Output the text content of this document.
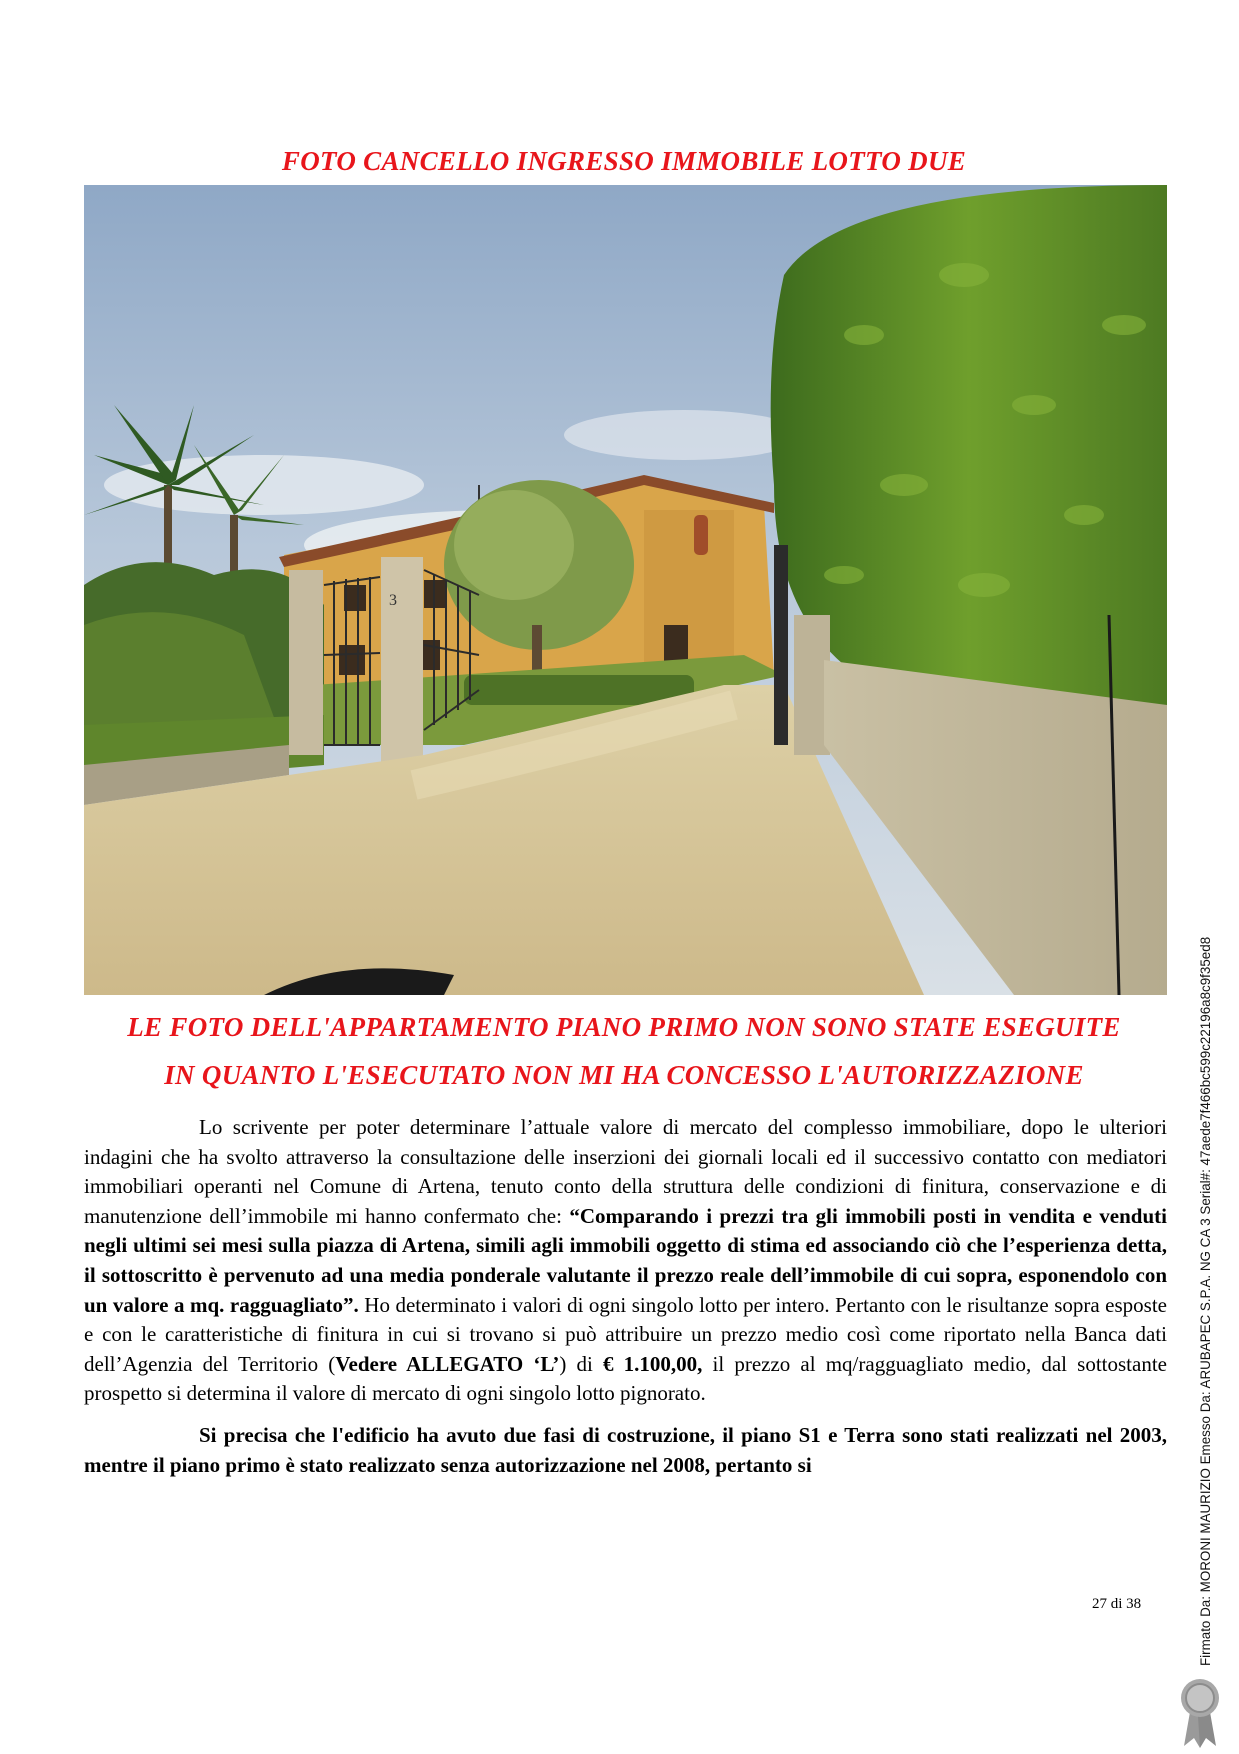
FOTO CANCELLO INGRESSO IMMOBILE LOTTO DUE
3
LE FOTO DELL'APPARTAMENTO PIANO PRIMO NON SONO STATE ESEGUITE
IN QUANTO L'ESECUTATO NON MI HA CONCESSO L'AUTORIZZAZIONE

Lo scrivente per poter determinare l’attuale valore di mercato del complesso immobiliare, dopo le ulteriori indagini che ha svolto attraverso la consultazione delle inserzioni dei giornali locali ed il successivo contatto con mediatori immobiliari operanti nel Comune di Artena, tenuto conto della struttura delle condizioni di finitura, conservazione e di manutenzione dell’immobile mi hanno confermato che: “Comparando i prezzi tra gli immobili posti in vendita e venduti negli ultimi sei mesi sulla piazza di Artena, simili agli immobili oggetto di stima ed associando ciò che l’esperienza detta, il sottoscritto è pervenuto ad una media ponderale valutante il prezzo reale dell’immobile di cui sopra, esponendolo con un valore a mq. ragguagliato”. Ho determinato i valori di ogni singolo lotto per intero. Pertanto con le risultanze sopra esposte e con le caratteristiche di finitura in cui si trovano si può attribuire un prezzo medio così come riportato nella Banca dati dell’Agenzia del Territorio (Vedere ALLEGATO ‘L’) di € 1.100,00, il prezzo al mq/ragguagliato medio, dal sottostante prospetto si determina il valore di mercato di ogni singolo lotto pignorato.

Si precisa che l'edificio ha avuto due fasi di costruzione, il piano S1 e Terra sono stati realizzati nel 2003, mentre il piano primo è stato realizzato senza autorizzazione nel 2008, pertanto si

27 di 38	Firmato Da: MORONI MAURIZIO Emesso Da: ARUBAPEC S.P.A. NG CA 3 Serial#: 47aede7f466bc599c22196a8c9f35ed8
